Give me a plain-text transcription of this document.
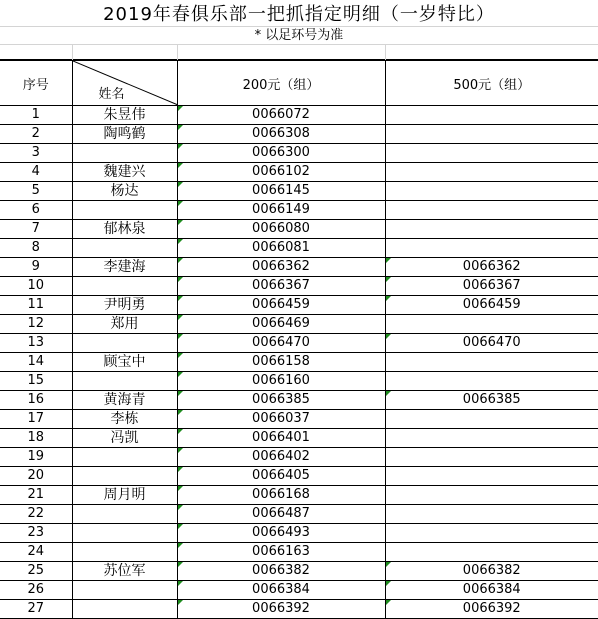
2019年春俱乐部一把抓指定明细（一岁特比）
* 以足环号为准
序号	姓名	200元（组）	500元（组）
1	朱昱伟	0066072	
2	陶鸣鹤	0066308	
3		0066300	
4	魏建兴	0066102	
5	杨达	0066145	
6		0066149	
7	郁林泉	0066080	
8		0066081	
9	李建海	0066362	0066362
10		0066367	0066367
11	尹明勇	0066459	0066459
12	郑用	0066469	
13		0066470	0066470
14	顾宝中	0066158	
15		0066160	
16	黄海青	0066385	0066385
17	李栋	0066037	
18	冯凯	0066401	
19		0066402	
20		0066405	
21	周月明	0066168	
22		0066487	
23		0066493	
24		0066163	
25	苏位军	0066382	0066382
26		0066384	0066384
27		0066392	0066392
